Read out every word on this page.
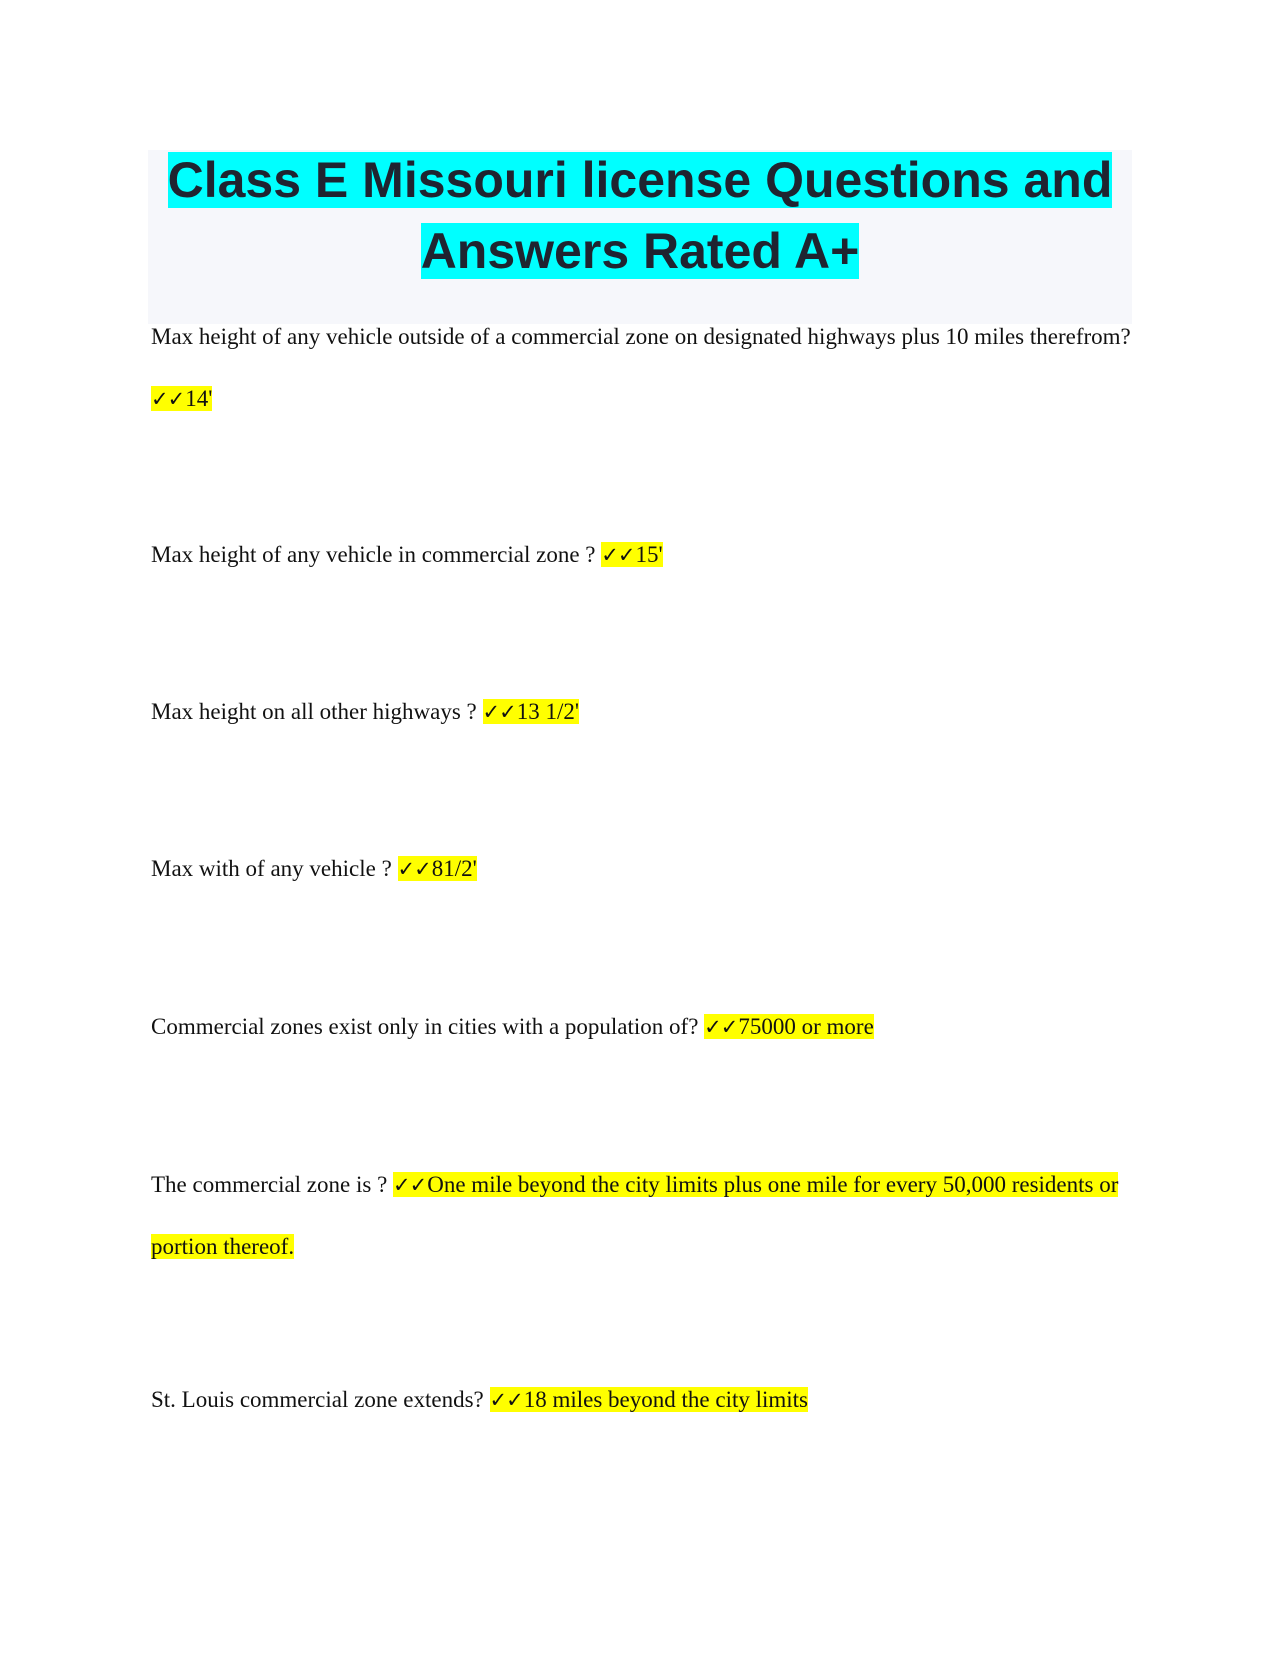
Class E Missouri license Questions and
Answers Rated A+
Max height of any vehicle outside of a commercial zone on designated highways plus 10 miles therefrom? ✓✓14'
Max height of any vehicle in commercial zone ? ✓✓15'
Max height on all other highways ? ✓✓13 1/2'
Max with of any vehicle ? ✓✓81/2'
Commercial zones exist only in cities with a population of? ✓✓75000 or more
The commercial zone is ? ✓✓One mile beyond the city limits plus one mile for every 50,000 residents or portion thereof.
St. Louis commercial zone extends? ✓✓18 miles beyond the city limits
